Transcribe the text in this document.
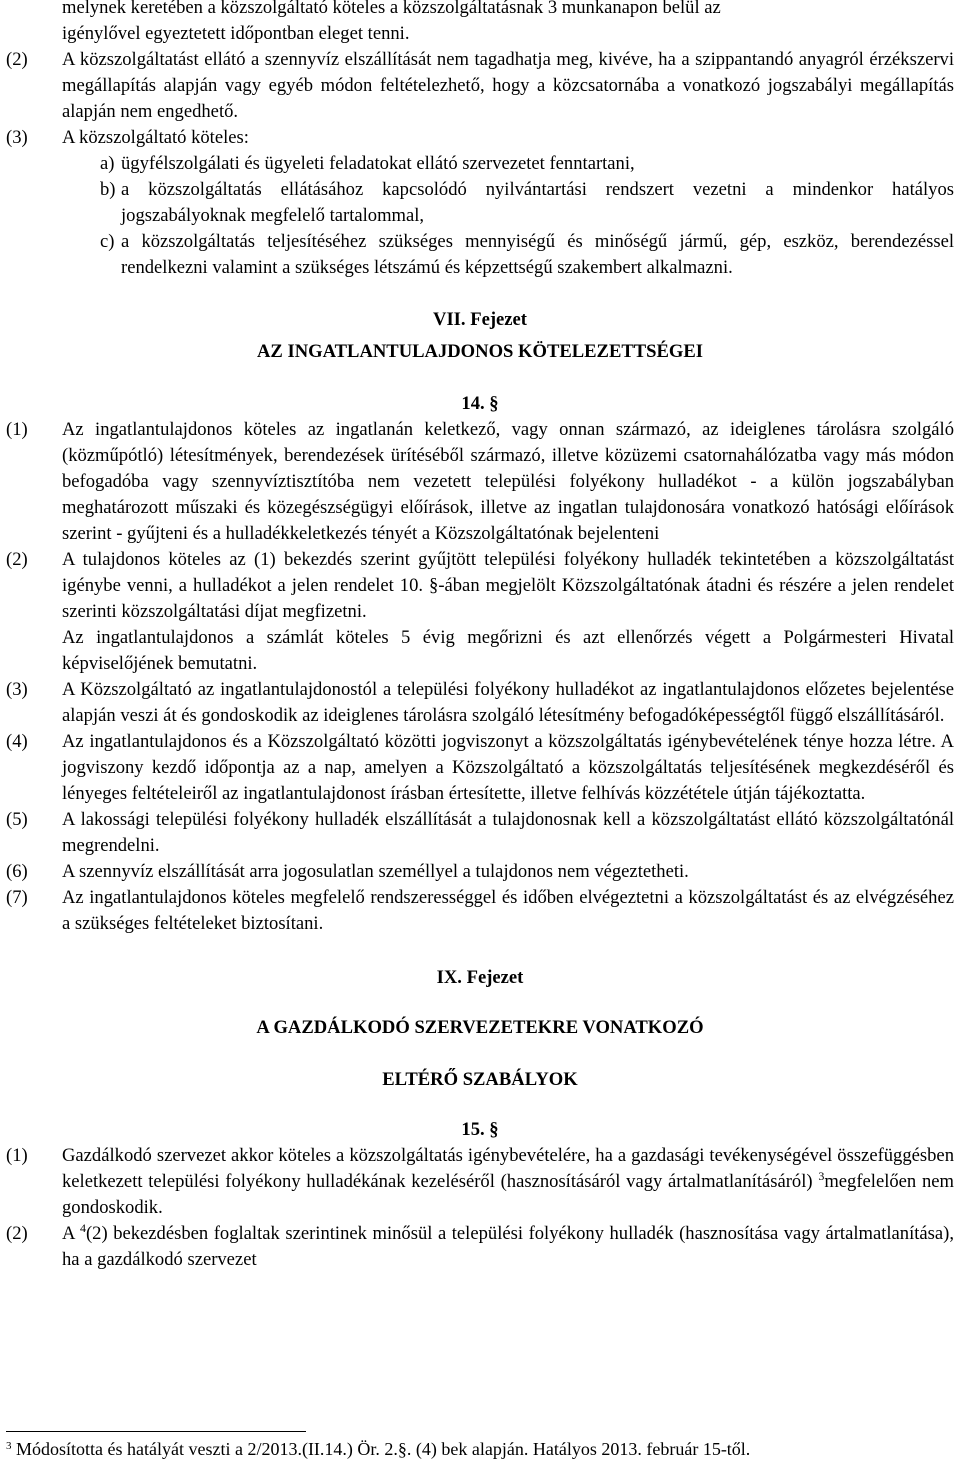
melynek keretében a közszolgáltató köteles a közszolgáltatásnak 3 munkanapon belül az
igénylővel egyeztetett időpontban eleget tenni.
(2) A közszolgáltatást ellátó a szennyvíz elszállítását nem tagadhatja meg, kivéve, ha a szippantandó anyagról érzékszervi megállapítás alapján vagy egyéb módon feltételezhető, hogy a közcsatornába a vonatkozó jogszabályi megállapítás alapján nem engedhető.
(3) A közszolgáltató köteles:
a) ügyfélszolgálati és ügyeleti feladatokat ellátó szervezetet fenntartani,
b) a közszolgáltatás ellátásához kapcsolódó nyilvántartási rendszert vezetni a mindenkor hatályos jogszabályoknak megfelelő tartalommal,
c) a közszolgáltatás teljesítéséhez szükséges mennyiségű és minőségű jármű, gép, eszköz, berendezéssel rendelkezni valamint a szükséges létszámú és képzettségű szakembert alkalmazni.
VII. Fejezet
AZ INGATLANTULAJDONOS KÖTELEZETTSÉGEI
14. §
(1) Az ingatlantulajdonos köteles az ingatlanán keletkező, vagy onnan származó, az ideiglenes tárolásra szolgáló (közműpótló) létesítmények, berendezések ürítéséből származó, illetve közüzemi csatornahálózatba vagy más módon befogadóba vagy szennyvíztisztítóba nem vezetett települési folyékony hulladékot - a külön jogszabályban meghatározott műszaki és közegészségügyi előírások, illetve az ingatlan tulajdonosára vonatkozó hatósági előírások szerint - gyűjteni és a hulladékkeletkezés tényét a Közszolgáltatónak bejelenteni
(2) A tulajdonos köteles az (1) bekezdés szerint gyűjtött települési folyékony hulladék tekintetében a közszolgáltatást igénybe venni, a hulladékot a jelen rendelet 10. §-ában megjelölt Közszolgáltatónak átadni és részére a jelen rendelet szerinti közszolgáltatási díjat megfizetni.
Az ingatlantulajdonos a számlát köteles 5 évig megőrizni és azt ellenőrzés végett a Polgármesteri Hivatal képviselőjének bemutatni.
(3) A Közszolgáltató az ingatlantulajdonostól a települési folyékony hulladékot az ingatlantulajdonos előzetes bejelentése alapján veszi át és gondoskodik az ideiglenes tárolásra szolgáló létesítmény befogadóképességtől függő elszállításáról.
(4) Az ingatlantulajdonos és a Közszolgáltató közötti jogviszonyt a közszolgáltatás igénybevételének ténye hozza létre. A jogviszony kezdő időpontja az a nap, amelyen a Közszolgáltató a közszolgáltatás teljesítésének megkezdéséről és lényeges feltételeiről az ingatlantulajdonost írásban értesítette, illetve felhívás közzététele útján tájékoztatta.
(5) A lakossági települési folyékony hulladék elszállítását a tulajdonosnak kell a közszolgáltatást ellátó közszolgáltatónál megrendelni.
(6) A szennyvíz elszállítását arra jogosulatlan személlyel a tulajdonos nem végeztetheti.
(7) Az ingatlantulajdonos köteles megfelelő rendszerességgel és időben elvégeztetni a közszolgáltatást és az elvégzéséhez a szükséges feltételeket biztosítani.
IX. Fejezet
A GAZDÁLKODÓ SZERVEZETEKRE VONATKOZÓ
ELTÉRŐ SZABÁLYOK
15. §
(1) Gazdálkodó szervezet akkor köteles a közszolgáltatás igénybevételére, ha a gazdasági tevékenységével összefüggésben keletkezett települési folyékony hulladékának kezeléséről (hasznosításáról vagy ártalmatlanításáról) $^3$megfelelően nem gondoskodik.
(2) A $^4$(2) bekezdésben foglaltak szerintinek minősül a települési folyékony hulladék (hasznosítása vagy ártalmatlanítása), ha a gazdálkodó szervezet
$^3$ Módosította és hatályát veszti a 2/2013.(II.14.) Ör. 2.§. (4) bek alapján. Hatályos 2013. február 15-től.
